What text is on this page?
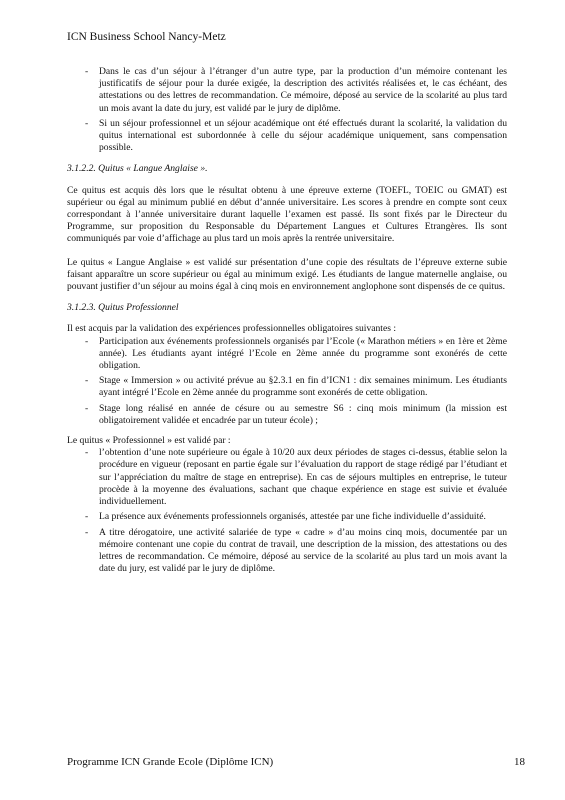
ICN Business School Nancy-Metz
- Dans le cas d’un séjour à l’étranger d’un autre type, par la production d’un mémoire contenant les justificatifs de séjour pour la durée exigée, la description des activités réalisées et, le cas échéant, des attestations ou des lettres de recommandation. Ce mémoire, déposé au service de la scolarité au plus tard un mois avant la date du jury, est validé par le jury de diplôme.
- Si un séjour professionnel et un séjour académique ont été effectués durant la scolarité, la validation du quitus international est subordonnée à celle du séjour académique uniquement, sans compensation possible.
3.1.2.2. Quitus « Langue Anglaise ».

Ce quitus est acquis dès lors que le résultat obtenu à une épreuve externe (TOEFL, TOEIC ou GMAT) est supérieur ou égal au minimum publié en début d’année universitaire. Les scores à prendre en compte sont ceux correspondant à l’année universitaire durant laquelle l’examen est passé. Ils sont fixés par le Directeur du Programme, sur proposition du Responsable du Département Langues et Cultures Etrangères. Ils sont communiqués par voie d’affichage au plus tard un mois après la rentrée universitaire.

Le quitus « Langue Anglaise » est validé sur présentation d’une copie des résultats de l’épreuve externe subie faisant apparaître un score supérieur ou égal au minimum exigé. Les étudiants de langue maternelle anglaise, ou pouvant justifier d’un séjour au moins égal à cinq mois en environnement anglophone sont dispensés de ce quitus.

3.1.2.3. Quitus Professionnel

Il est acquis par la validation des expériences professionnelles obligatoires suivantes :

- Participation aux événements professionnels organisés par l’Ecole (« Marathon métiers » en 1ère et 2ème année). Les étudiants ayant intégré l’Ecole en 2ème année du programme sont exonérés de cette obligation.
- Stage « Immersion » ou activité prévue au §2.3.1 en fin d’ICN1 : dix semaines minimum. Les étudiants ayant intégré l’Ecole en 2ème année du programme sont exonérés de cette obligation.
- Stage long réalisé en année de césure ou au semestre S6 : cinq mois minimum (la mission est obligatoirement validée et encadrée par un tuteur école) ;

Le quitus « Professionnel » est validé par :

- l’obtention d’une note supérieure ou égale à 10/20 aux deux périodes de stages ci-dessus, établie selon la procédure en vigueur (reposant en partie égale sur l’évaluation du rapport de stage rédigé par l’étudiant et sur l’appréciation du maître de stage en entreprise). En cas de séjours multiples en entreprise, le tuteur procède à la moyenne des évaluations, sachant que chaque expérience en stage est suivie et évaluée individuellement.
- La présence aux événements professionnels organisés, attestée par une fiche individuelle d’assiduité.
- A titre dérogatoire, une activité salariée de type « cadre » d’au moins cinq mois, documentée par un mémoire contenant une copie du contrat de travail, une description de la mission, des attestations ou des lettres de recommandation. Ce mémoire, déposé au service de la scolarité au plus tard un mois avant la date du jury, est validé par le jury de diplôme.
Programme ICN Grande Ecole (Diplôme ICN)	18
